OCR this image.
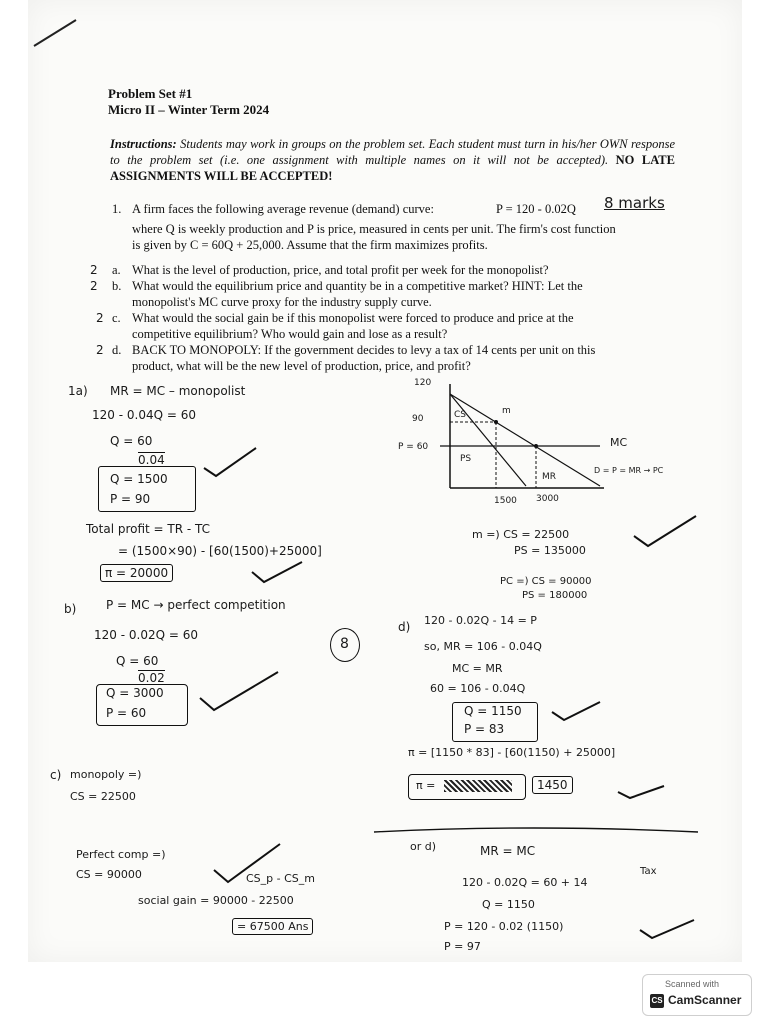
Problem Set #1
Micro II – Winter Term 2024
Instructions: Students may work in groups on the problem set. Each student must turn in his/her OWN response to the problem set (i.e. one assignment with multiple names on it will not be accepted). NO LATE ASSIGNMENTS WILL BE ACCEPTED!
1. A firm faces the following average revenue (demand) curve:	P = 120 - 0.02Q 8 marks
where Q is weekly production and P is price, measured in cents per unit. The firm's cost function
is given by C = 60Q + 25,000. Assume that the firm maximizes profits.
2 a. What is the level of production, price, and total profit per week for the monopolist?
2 b. What would the equilibrium price and quantity be in a competitive market? HINT: Let the
monopolist's MC curve proxy for the industry supply curve.
2 c. What would the social gain be if this monopolist were forced to produce and price at the
competitive equilibrium? Who would gain and lose as a result?
2 d. BACK TO MONOPOLY: If the government decides to levy a tax of 14 cents per unit on this
product, what will be the new level of production, price, and profit?
1a) MR = MC – monopolist
120 - 0.04Q = 60
Q = 60
0.04
Q = 1500
P = 90
Total profit = TR - TC
= (1500×90) - [60(1500)+25000]
π = 20000
b) P = MC → perfect competition
120 - 0.02Q = 60
Q = 60
0.02
Q = 3000
P = 60
8
c) monopoly =)
CS = 22500
Perfect comp =)
CS = 90000	CS_p - CS_m
social gain = 90000 - 22500
= 67500 Ans
120
90
P = 60
CS	m
PS
MC
MR
D = P = MR → PC
1500 3000
m =) CS = 22500
PS = 135000
PC =) CS = 90000
PS = 180000
d) 120 - 0.02Q - 14 = P
so, MR = 106 - 0.04Q
MC = MR
60 = 106 - 0.04Q
Q = 1150
P = 83
π = [1150 * 83] - [60(1150) + 25000]
π =	1450
or d)	MR = MC
Tax
120 - 0.02Q = 60 + 14
Q = 1150
P = 120 - 0.02 (1150)
P = 97
Scanned with
CS CamScanner
